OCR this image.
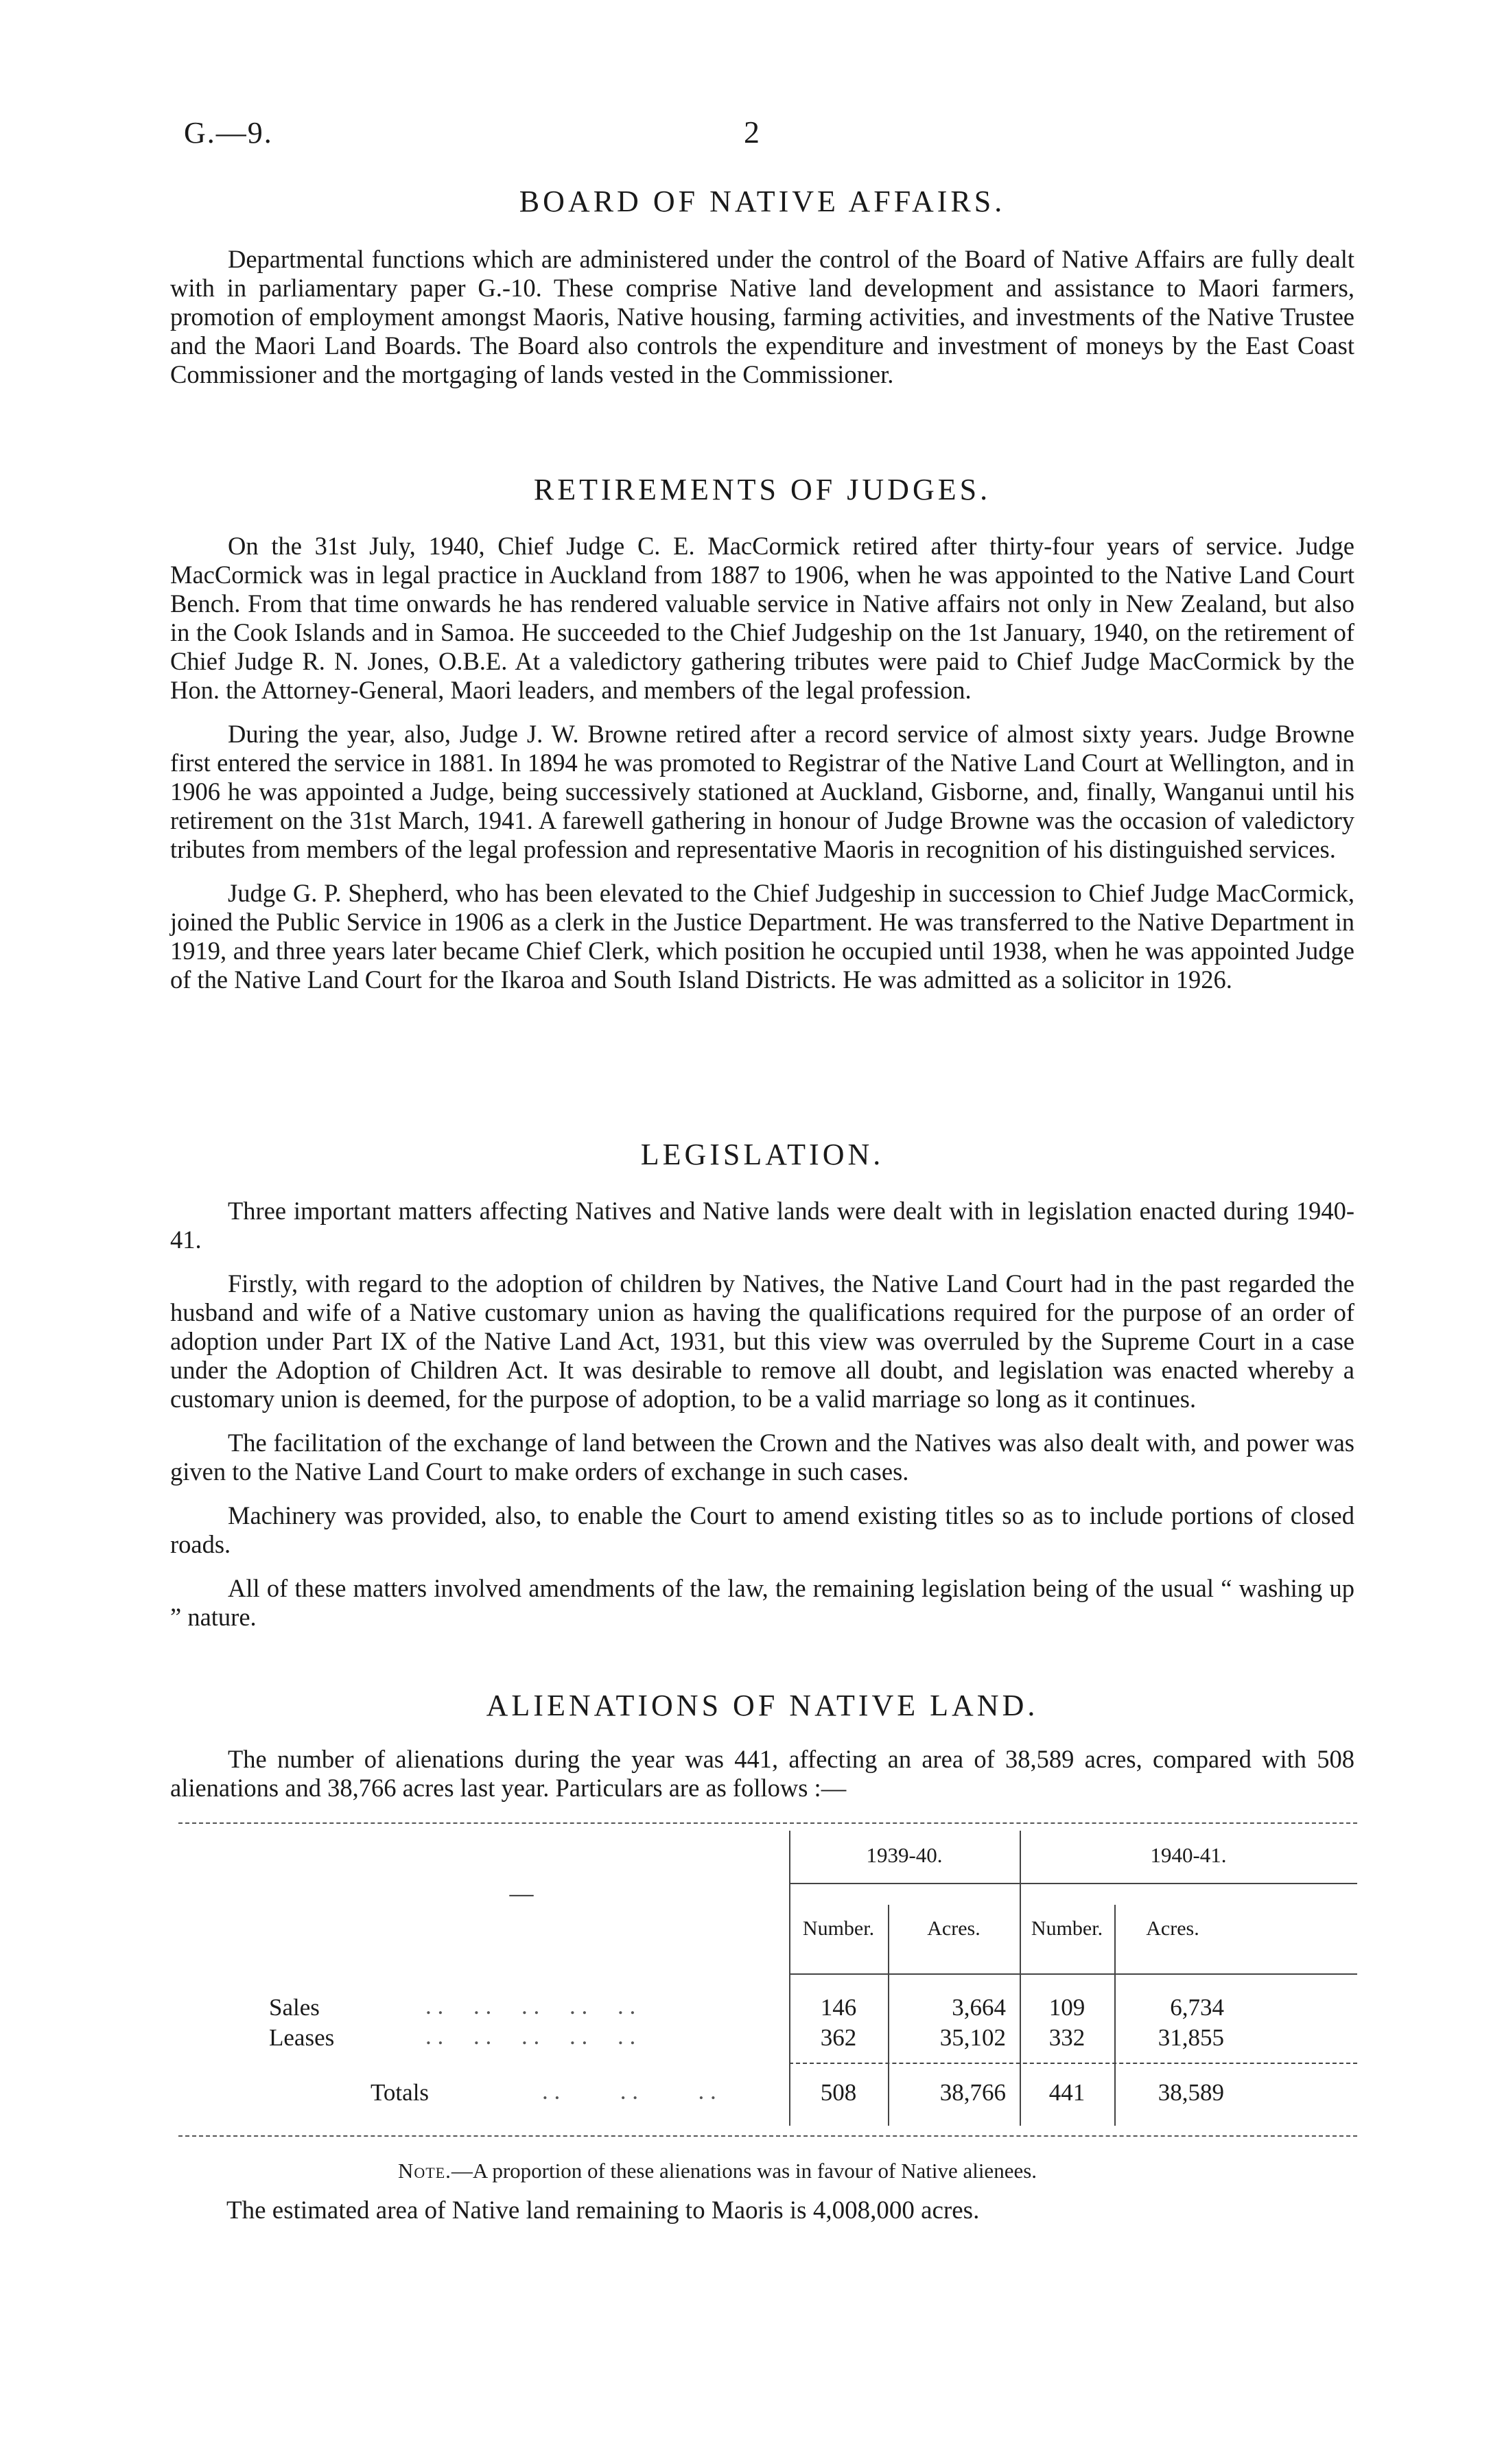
G.—9.	2
BOARD OF NATIVE AFFAIRS.

Departmental functions which are administered under the control of the Board of Native Affairs are fully dealt with in parliamentary paper G.-10. These comprise Native land development and assistance to Maori farmers, promotion of employment amongst Maoris, Native housing, farming activities, and investments of the Native Trustee and the Maori Land Boards. The Board also controls the expenditure and investment of moneys by the East Coast Commissioner and the mortgaging of lands vested in the Commissioner.

RETIREMENTS OF JUDGES.

On the 31st July, 1940, Chief Judge C. E. MacCormick retired after thirty-four years of service. Judge MacCormick was in legal practice in Auckland from 1887 to 1906, when he was appointed to the Native Land Court Bench. From that time onwards he has rendered valuable service in Native affairs not only in New Zealand, but also in the Cook Islands and in Samoa. He succeeded to the Chief Judgeship on the 1st January, 1940, on the retirement of Chief Judge R. N. Jones, O.B.E. At a valedictory gathering tributes were paid to Chief Judge MacCormick by the Hon. the Attorney-General, Maori leaders, and members of the legal profession.

During the year, also, Judge J. W. Browne retired after a record service of almost sixty years. Judge Browne first entered the service in 1881. In 1894 he was promoted to Registrar of the Native Land Court at Wellington, and in 1906 he was appointed a Judge, being successively stationed at Auckland, Gisborne, and, finally, Wanganui until his retirement on the 31st March, 1941. A farewell gathering in honour of Judge Browne was the occasion of valedictory tributes from members of the legal profession and representative Maoris in recognition of his distinguished services.

Judge G. P. Shepherd, who has been elevated to the Chief Judgeship in succession to Chief Judge MacCormick, joined the Public Service in 1906 as a clerk in the Justice Department. He was transferred to the Native Department in 1919, and three years later became Chief Clerk, which position he occupied until 1938, when he was appointed Judge of the Native Land Court for the Ikaroa and South Island Districts. He was admitted as a solicitor in 1926.

LEGISLATION.

Three important matters affecting Natives and Native lands were dealt with in legislation enacted during 1940-41.

Firstly, with regard to the adoption of children by Natives, the Native Land Court had in the past regarded the husband and wife of a Native customary union as having the qualifications required for the purpose of an order of adoption under Part IX of the Native Land Act, 1931, but this view was overruled by the Supreme Court in a case under the Adoption of Children Act. It was desirable to remove all doubt, and legislation was enacted whereby a customary union is deemed, for the purpose of adoption, to be a valid marriage so long as it continues.

The facilitation of the exchange of land between the Crown and the Natives was also dealt with, and power was given to the Native Land Court to make orders of exchange in such cases.

Machinery was provided, also, to enable the Court to amend existing titles so as to include portions of closed roads.

All of these matters involved amendments of the law, the remaining legislation being of the usual “ washing up ” nature.

ALIENATIONS OF NATIVE LAND.

The number of alienations during the year was 441, affecting an area of 38,589 acres, compared with 508 alienations and 38,766 acres last year. Particulars are as follows :—

—
1939-40.	1940-41.
Number.	Acres.	Number.	Acres.
Sales	. .     . .     . .     . .     . .	146	3,664	109	6,734
Leases	. .     . .     . .     . .     . .	362	35,102	332	31,855
Totals	. .          . .          . .	508	38,766	441	38,589
Note.—A proportion of these alienations was in favour of Native alienees.
The estimated area of Native land remaining to Maoris is 4,008,000 acres.
